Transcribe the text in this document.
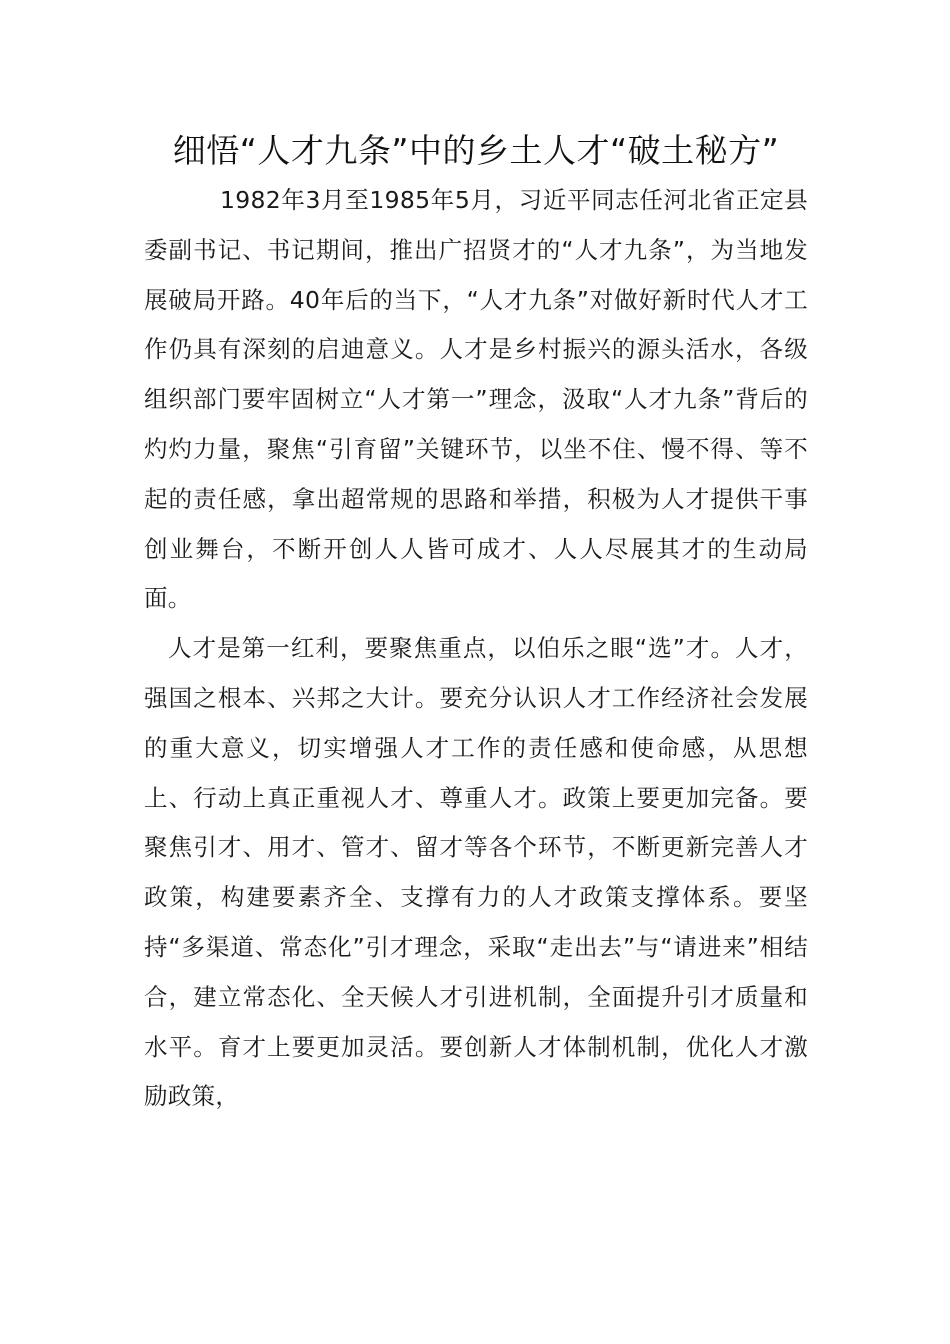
细悟“人才九条”中的乡土人才“破土秘方”

1982年3月至1985年5月，习近平同志任河北省正定县委副书记、书记期间，推出广招贤才的“人才九条”，为当地发展破局开路。40年后的当下，“人才九条”对做好新时代人才工作仍具有深刻的启迪意义。人才是乡村振兴的源头活水，各级组织部门要牢固树立“人才第一”理念，汲取“人才九条”背后的灼灼力量，聚焦“引育留”关键环节，以坐不住、慢不得、等不起的责任感，拿出超常规的思路和举措，积极为人才提供干事创业舞台，不断开创人人皆可成才、人人尽展其才的生动局面。

人才是第一红利，要聚焦重点，以伯乐之眼“选”才。人才，强国之根本、兴邦之大计。要充分认识人才工作经济社会发展的重大意义，切实增强人才工作的责任感和使命感，从思想上、行动上真正重视人才、尊重人才。政策上要更加完备。要聚焦引才、用才、管才、留才等各个环节，不断更新完善人才政策，构建要素齐全、支撑有力的人才政策支撑体系。要坚持“多渠道、常态化”引才理念，采取“走出去”与“请进来”相结合，建立常态化、全天候人才引进机制，全面提升引才质量和水平。育才上要更加灵活。要创新人才体制机制，优化人才激励政策，
